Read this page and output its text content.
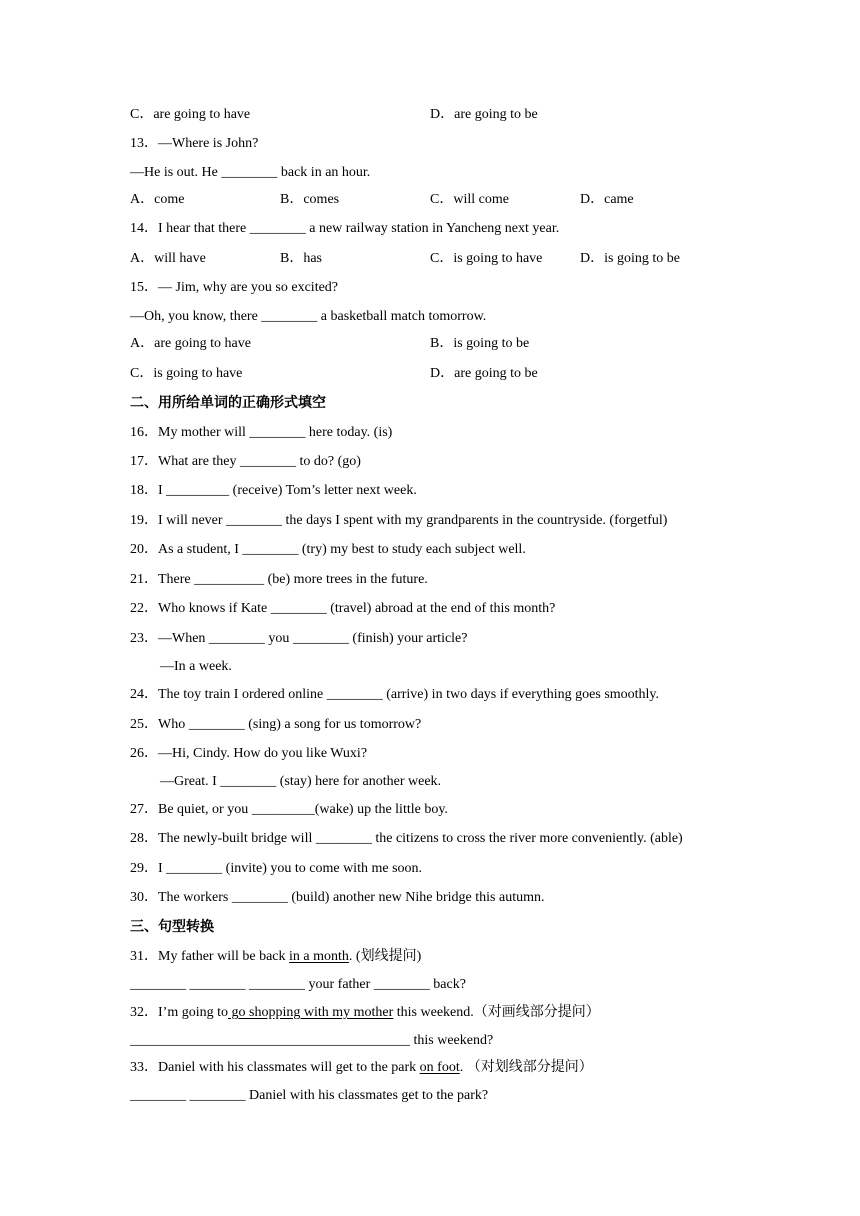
C．are going to have	D．are going to be
13．—Where is John?
—He is out. He ________ back in an hour.
A．come	B．comes	C．will come	D．came
14．I hear that there ________ a new railway station in Yancheng next year.
A．will have	B．has	C．is going to have	D．is going to be
15．— Jim, why are you so excited?
—Oh, you know, there ________ a basketball match tomorrow.
A．are going to have	B．is going to be
C．is going to have	D．are going to be
二、用所给单词的正确形式填空
16．My mother will ________ here today. (is)
17．What are they ________ to do? (go)
18．I _________ (receive) Tom’s letter next week.
19．I will never ________ the days I spent with my grandparents in the countryside. (forgetful)
20．As a student, I ________ (try) my best to study each subject well.
21．There __________ (be) more trees in the future.
22．Who knows if Kate ________ (travel) abroad at the end of this month?
23．—When ________ you ________ (finish) your article?
—In a week.
24．The toy train I ordered online ________ (arrive) in two days if everything goes smoothly.
25．Who ________ (sing) a song for us tomorrow?
26．—Hi, Cindy. How do you like Wuxi?
—Great. I ________ (stay) here for another week.
27．Be quiet, or you _________(wake) up the little boy.
28．The newly-built bridge will ________ the citizens to cross the river more conveniently. (able)
29．I ________ (invite) you to come with me soon.
30．The workers ________ (build) another new Nihe bridge this autumn.
三、句型转换
31．My father will be back in a month. (划线提问)
________ ________ ________ your father ________ back?
32．I’m going to go shopping with my mother this weekend.（对画线部分提问）
________________________________________ this weekend?
33．Daniel with his classmates will get to the park on foot. （对划线部分提问）
________ ________ Daniel with his classmates get to the park?
